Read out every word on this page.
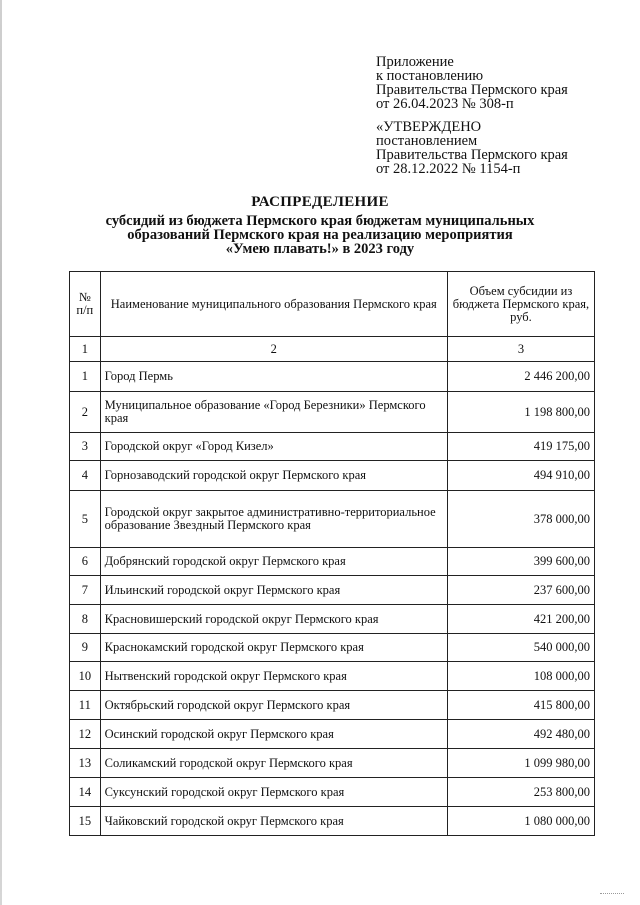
Приложение
к постановлению
Правительства Пермского края
от 26.04.2023 № 308-п
«УТВЕРЖДЕНО
постановлением
Правительства Пермского края
от 28.12.2022 № 1154-п
РАСПРЕДЕЛЕНИЕ
субсидий из бюджета Пермского края бюджетам муниципальных
образований Пермского края на реализацию мероприятия
«Умею плавать!» в 2023 году
№ п/п	Наименование муниципального образования Пермского края	Объем субсидии из бюджета Пермского края, руб.
1	2	3
1	Город Пермь	2 446 200,00
2	Муниципальное образование «Город Березники» Пермского края	1 198 800,00
3	Городской округ «Город Кизел»	419 175,00
4	Горнозаводский городской округ Пермского края	494 910,00
5	Городской округ закрытое административно-территориальное образование Звездный Пермского края	378 000,00
6	Добрянский городской округ Пермского края	399 600,00
7	Ильинский городской округ Пермского края	237 600,00
8	Красновишерский городской округ Пермского края	421 200,00
9	Краснокамский городской округ Пермского края	540 000,00
10	Нытвенский городской округ Пермского края	108 000,00
11	Октябрьский городской округ Пермского края	415 800,00
12	Осинский городской округ Пермского края	492 480,00
13	Соликамский городской округ Пермского края	1 099 980,00
14	Суксунский городской округ Пермского края	253 800,00
15	Чайковский городской округ Пермского края	1 080 000,00
